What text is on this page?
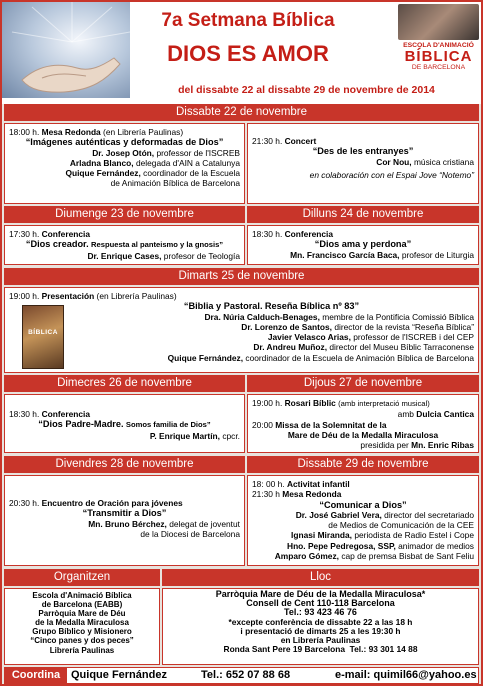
7a Setmana Bíblica
DIOS ES AMOR	ESCOLA D'ANIMACIÓ
BÍBLICA
DE BARCELONA
del dissabte 22 al dissabte 29 de novembre de 2014
Dissabte 22 de novembre
18:00 h. Mesa Redonda (en Librería Paulinas)
“Imágenes auténticas y deformadas de Dios”
Dr. Josep Otón, professor de l'ISCREB
Arladna Blanco, delegada d'AIN a Catalunya
Quique Fernández, coordinador de la Escuela
de Animación Bíblica de Barcelona
21:30 h. Concert
“Des de les entranyes”
Cor Nou, música cristiana
en colaboración con el Espai Jove “Notemo”
Diumenge 23 de novembre	Dilluns 24 de novembre
17:30 h. Conferencia
“Dios creador. Respuesta al panteismo y la gnosis”
Dr. Enrique Cases, profesor de Teología
18:30 h. Conferencia
“Dios ama y perdona”
Mn. Francisco García Baca, profesor de Liturgia
Dimarts 25 de novembre
19:00 h. Presentación (en Librería Paulinas)
BÍBLICA
“Biblia y Pastoral. Reseña Bíblica nº 83”
Dra. Núria Calduch-Benages, membre de la Pontificia Comissió Bíblica
Dr. Lorenzo de Santos, director de la revista “Reseña Bíblica”
Javier Velasco Arias, professor de l'ISCREB i del CEP
Dr. Andreu Muñoz, director del Museu Bíblic Tarraconense
Quique Fernández, coordinador de la Escuela de Animación Bíblica de Barcelona
Dimecres 26 de novembre	Dijous 27 de novembre
18:30 h. Conferencia
“Dios Padre-Madre. Somos familia de Dios”
P. Enrique Martín, cpcr.
19:00 h. Rosari Bíblic (amb interpretació musical)
amb Dulcia Cantica
20:00 Missa de la Solemnitat de la
Mare de Déu de la Medalla Miraculosa
presidida per Mn. Enric Ribas
Divendres 28 de novembre	Dissabte 29 de novembre
20:30 h. Encuentro de Oración para jóvenes
“Transmitir a Dios”
Mn. Bruno Bérchez, delegat de joventut
de la Diocesi de Barcelona
18: 00 h. Activitat infantil
21:30 h Mesa Redonda
“Comunicar a Dios”
Dr. José Gabriel Vera, director del secretariado
de Medios de Comunicación de la CEE
Ignasi Miranda, periodista de Radio Estel i Cope
Hno. Pepe Pedregosa, SSP, animador de medios
Amparo Gómez, cap de premsa Bisbat de Sant Feliu
Organitzen	Lloc
Escola d'Animació Bíblica
de Barcelona (EABB)
Parròquia Mare de Déu
de la Medalla Miraculosa
Grupo Bíblico y Misionero
“Cinco panes y dos peces”
Librería Paulinas
Parròquia Mare de Déu de la Medalla Miraculosa*
Consell de Cent 110-118 Barcelona
Tel.: 93 423 46 76
*excepte conferència de dissabte 22 a las 18 h
i presentació de dimarts 25 a les 19:30 h
en Librería Paulinas
Ronda Sant Pere 19 Barcelona Tel.: 93 301 14 88
Coordina Quique Fernández	Tel.: 652 07 88 68	e-mail: quimil66@yahoo.es
